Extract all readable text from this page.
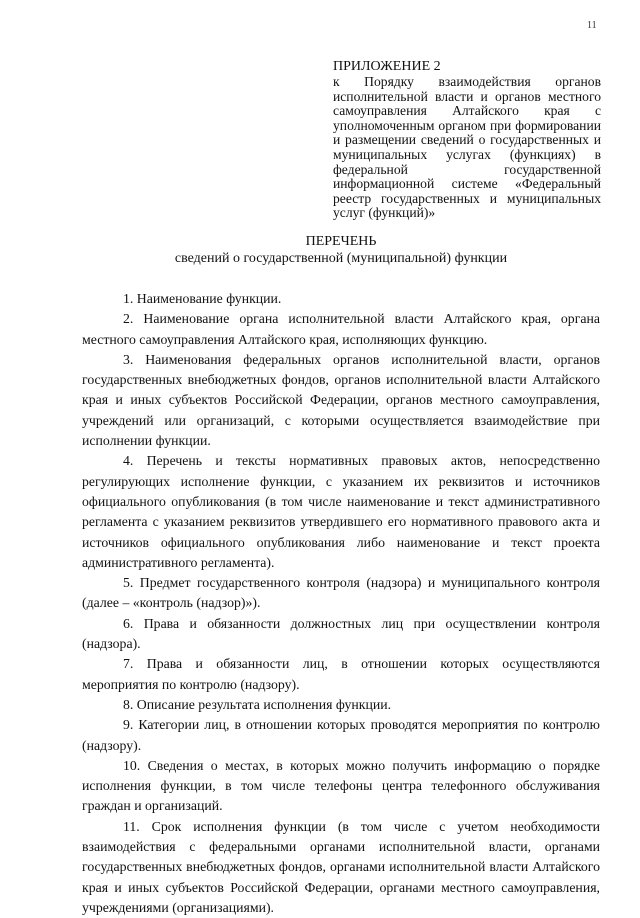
11
ПРИЛОЖЕНИЕ 2
к Порядку взаимодействия органов исполнительной власти и органов местного самоуправления Алтайского края с уполномоченным органом при формировании и размещении сведений о государственных и муниципальных услугах (функциях) в федеральной государственной информационной системе «Федеральный реестр государственных и муниципальных услуг (функций)»
ПЕРЕЧЕНЬ
сведений о государственной (муниципальной) функции

1. Наименование функции.

2. Наименование органа исполнительной власти Алтайского края, органа местного самоуправления Алтайского края, исполняющих функцию.

3. Наименования федеральных органов исполнительной власти, органов государственных внебюджетных фондов, органов исполнительной власти Алтайского края и иных субъектов Российской Федерации, органов местного самоуправления, учреждений или организаций, с которыми осуществляется взаимодействие при исполнении функции.

4. Перечень и тексты нормативных правовых актов, непосредственно регулирующих исполнение функции, с указанием их реквизитов и источников официального опубликования (в том числе наименование и текст административного регламента с указанием реквизитов утвердившего его нормативного правового акта и источников официального опубликования либо наименование и текст проекта административного регламента).

5. Предмет государственного контроля (надзора) и муниципального контроля (далее – «контроль (надзор)»).

6. Права и обязанности должностных лиц при осуществлении контроля (надзора).

7. Права и обязанности лиц, в отношении которых осуществляются мероприятия по контролю (надзору).

8. Описание результата исполнения функции.

9. Категории лиц, в отношении которых проводятся мероприятия по контролю (надзору).

10. Сведения о местах, в которых можно получить информацию о порядке исполнения функции, в том числе телефоны центра телефонного обслуживания граждан и организаций.

11. Срок исполнения функции (в том числе с учетом необходимости взаимодействия с федеральными органами исполнительной власти, органами государственных внебюджетных фондов, органами исполнительной власти Алтайского края и иных субъектов Российской Федерации, органами местного самоуправления, учреждениями (организациями).
